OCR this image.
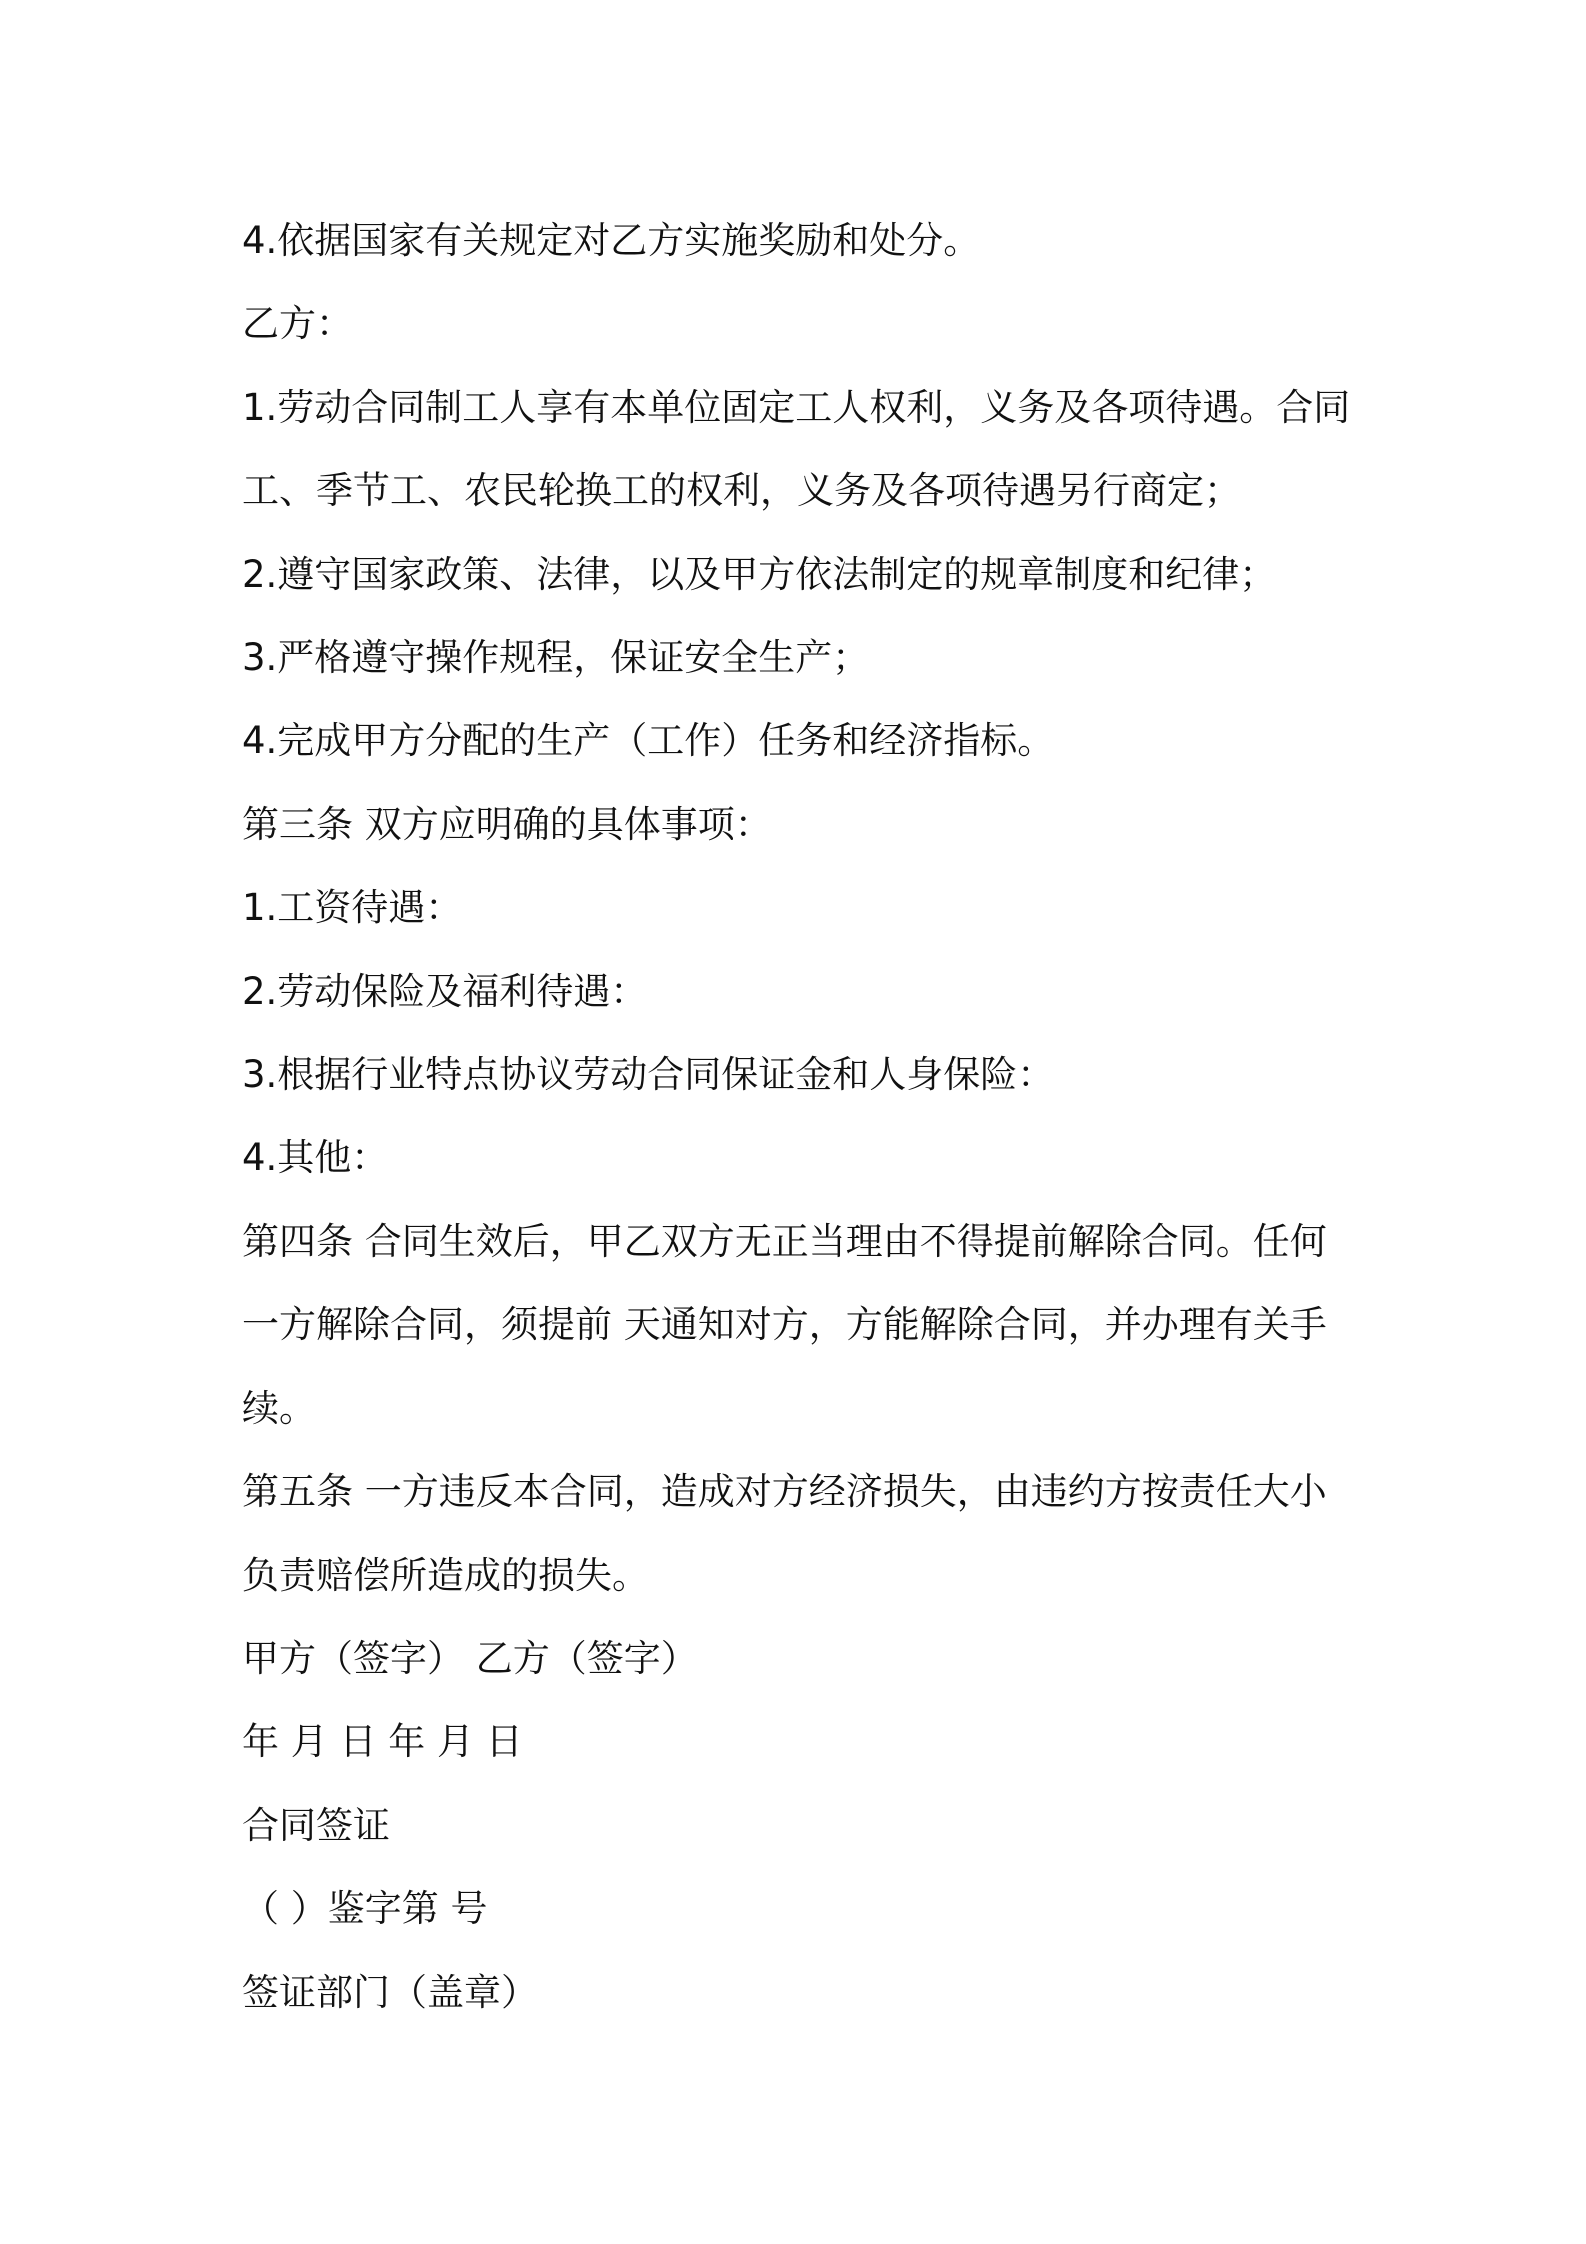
4.依据国家有关规定对乙方实施奖励和处分。

乙方：

1.劳动合同制工人享有本单位固定工人权利，义务及各项待遇。合同

工、季节工、农民轮换工的权利，义务及各项待遇另行商定；

2.遵守国家政策、法律，以及甲方依法制定的规章制度和纪律；

3.严格遵守操作规程，保证安全生产；

4.完成甲方分配的生产（工作）任务和经济指标。

第三条 双方应明确的具体事项：

1.工资待遇：

2.劳动保险及福利待遇：

3.根据行业特点协议劳动合同保证金和人身保险：

4.其他：

第四条 合同生效后，甲乙双方无正当理由不得提前解除合同。任何

一方解除合同，须提前 天通知对方，方能解除合同，并办理有关手

续。

第五条 一方违反本合同，造成对方经济损失，由违约方按责任大小

负责赔偿所造成的损失。

甲方（签字） 乙方（签字）

年 月 日 年 月 日

合同签证

（ ）鉴字第 号

签证部门（盖章）
